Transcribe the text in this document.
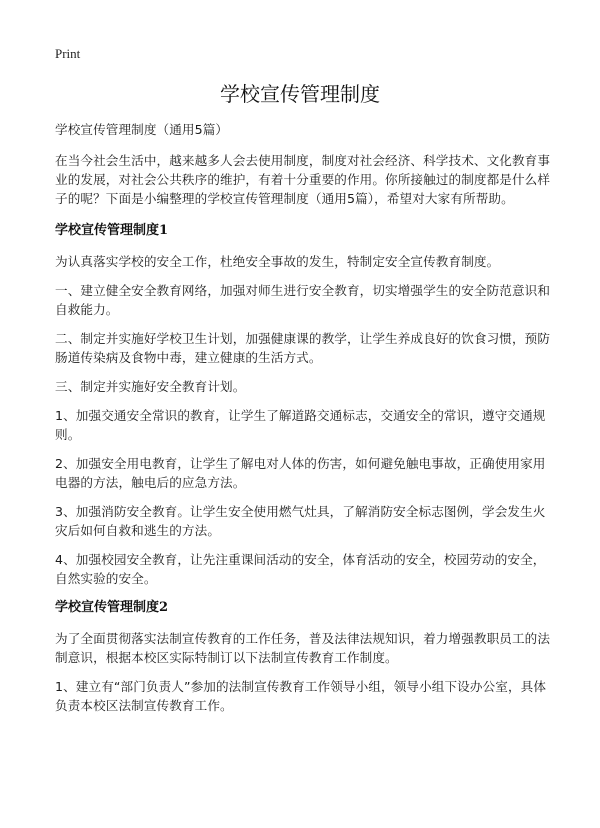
Print
学校宣传管理制度

学校宣传管理制度（通用5篇）

在当今社会生活中，越来越多人会去使用制度，制度对社会经济、科学技术、文化教育事业的发展，对社会公共秩序的维护，有着十分重要的作用。你所接触过的制度都是什么样子的呢？下面是小编整理的学校宣传管理制度（通用5篇），希望对大家有所帮助。

学校宣传管理制度1

为认真落实学校的安全工作，杜绝安全事故的发生，特制定安全宣传教育制度。

一、建立健全安全教育网络，加强对师生进行安全教育，切实增强学生的安全防范意识和自救能力。

二、制定并实施好学校卫生计划，加强健康课的教学，让学生养成良好的饮食习惯，预防肠道传染病及食物中毒，建立健康的生活方式。

三、制定并实施好安全教育计划。

1、加强交通安全常识的教育，让学生了解道路交通标志，交通安全的常识，遵守交通规则。

2、加强安全用电教育，让学生了解电对人体的伤害，如何避免触电事故，正确使用家用电器的方法，触电后的应急方法。

3、加强消防安全教育。让学生安全使用燃气灶具，了解消防安全标志图例，学会发生火灾后如何自救和逃生的方法。

4、加强校园安全教育，让先注重课间活动的安全，体育活动的安全，校园劳动的安全，自然实验的安全。

学校宣传管理制度2

为了全面贯彻落实法制宣传教育的工作任务，普及法律法规知识，着力增强教职员工的法制意识，根据本校区实际特制订以下法制宣传教育工作制度。

1、建立有“部门负责人”参加的法制宣传教育工作领导小组，领导小组下设办公室，具体负责本校区法制宣传教育工作。
